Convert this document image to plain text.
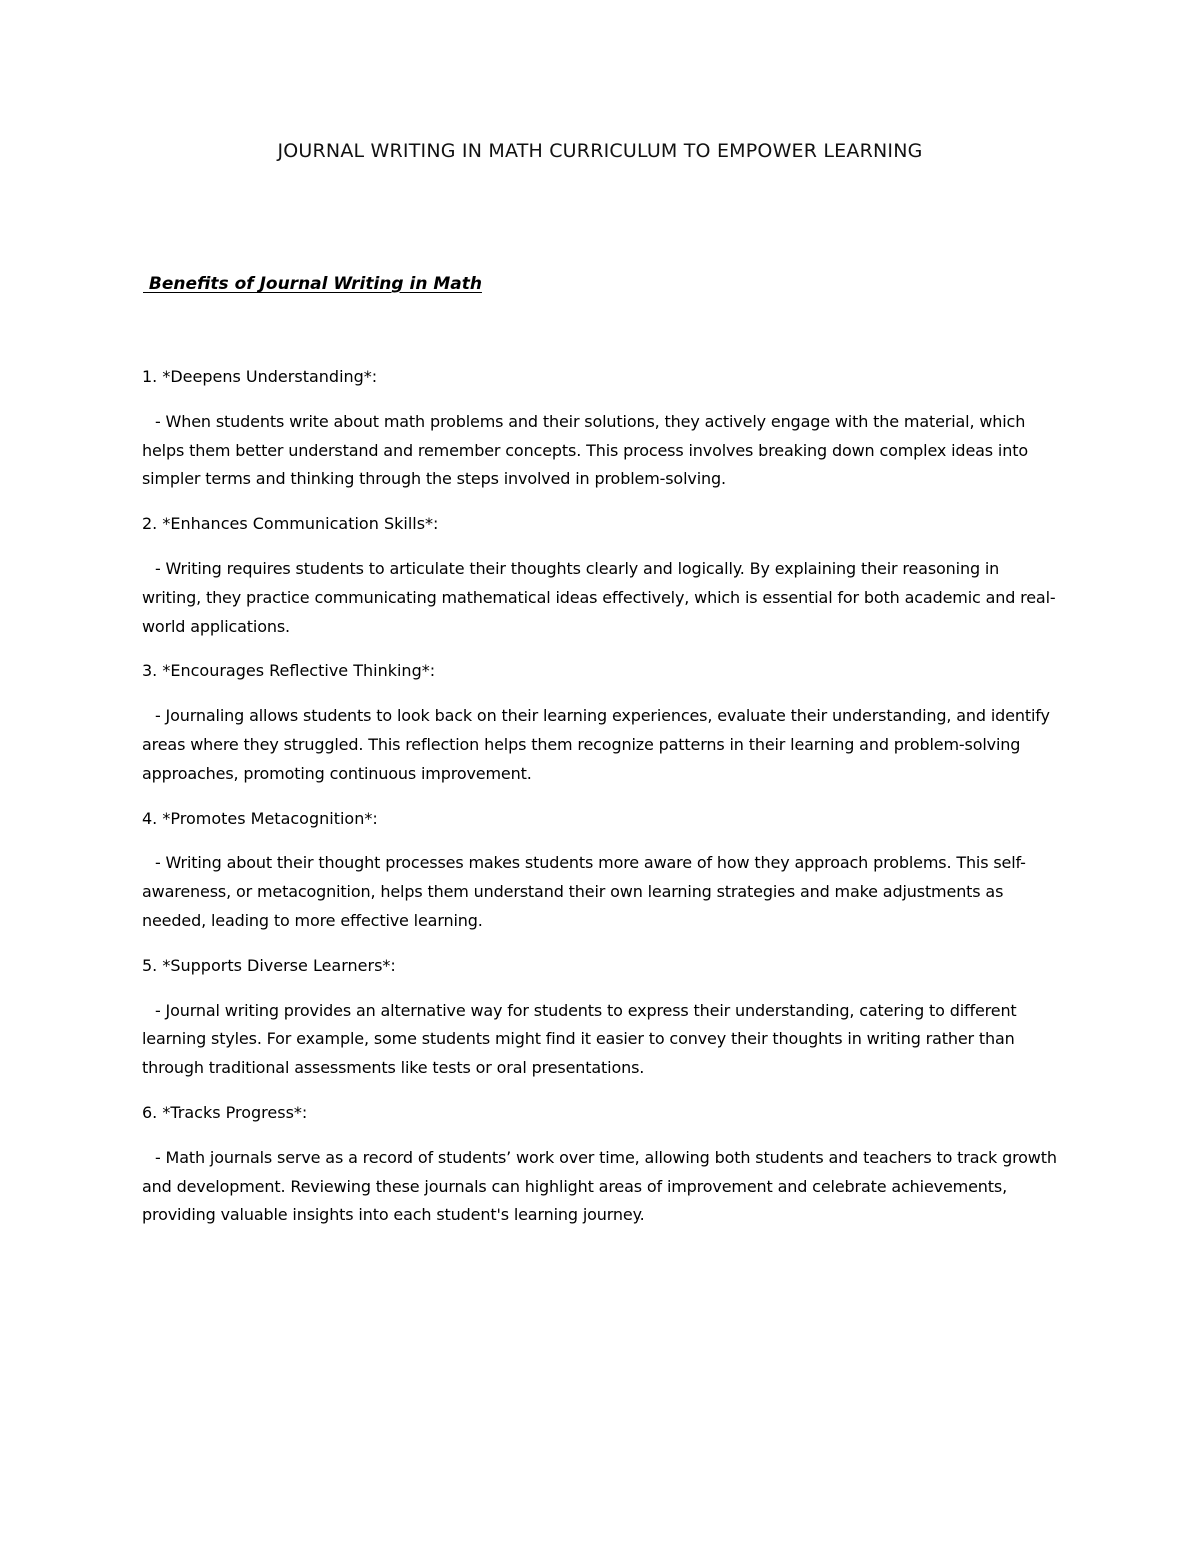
JOURNAL WRITING IN MATH CURRICULUM TO EMPOWER LEARNING
Benefits of Journal Writing in Math

1. *Deepens Understanding*:

- When students write about math problems and their solutions, they actively engage with the material, which helps them better understand and remember concepts. This process involves breaking down complex ideas into simpler terms and thinking through the steps involved in problem-solving.

2. *Enhances Communication Skills*:

- Writing requires students to articulate their thoughts clearly and logically. By explaining their reasoning in writing, they practice communicating mathematical ideas effectively, which is essential for both academic and real-world applications.

3. *Encourages Reflective Thinking*:

- Journaling allows students to look back on their learning experiences, evaluate their understanding, and identify areas where they struggled. This reflection helps them recognize patterns in their learning and problem-solving approaches, promoting continuous improvement.

4. *Promotes Metacognition*:

- Writing about their thought processes makes students more aware of how they approach problems. This self-awareness, or metacognition, helps them understand their own learning strategies and make adjustments as needed, leading to more effective learning.

5. *Supports Diverse Learners*:

- Journal writing provides an alternative way for students to express their understanding, catering to different learning styles. For example, some students might find it easier to convey their thoughts in writing rather than through traditional assessments like tests or oral presentations.

6. *Tracks Progress*:

- Math journals serve as a record of students’ work over time, allowing both students and teachers to track growth and development. Reviewing these journals can highlight areas of improvement and celebrate achievements, providing valuable insights into each student's learning journey.
